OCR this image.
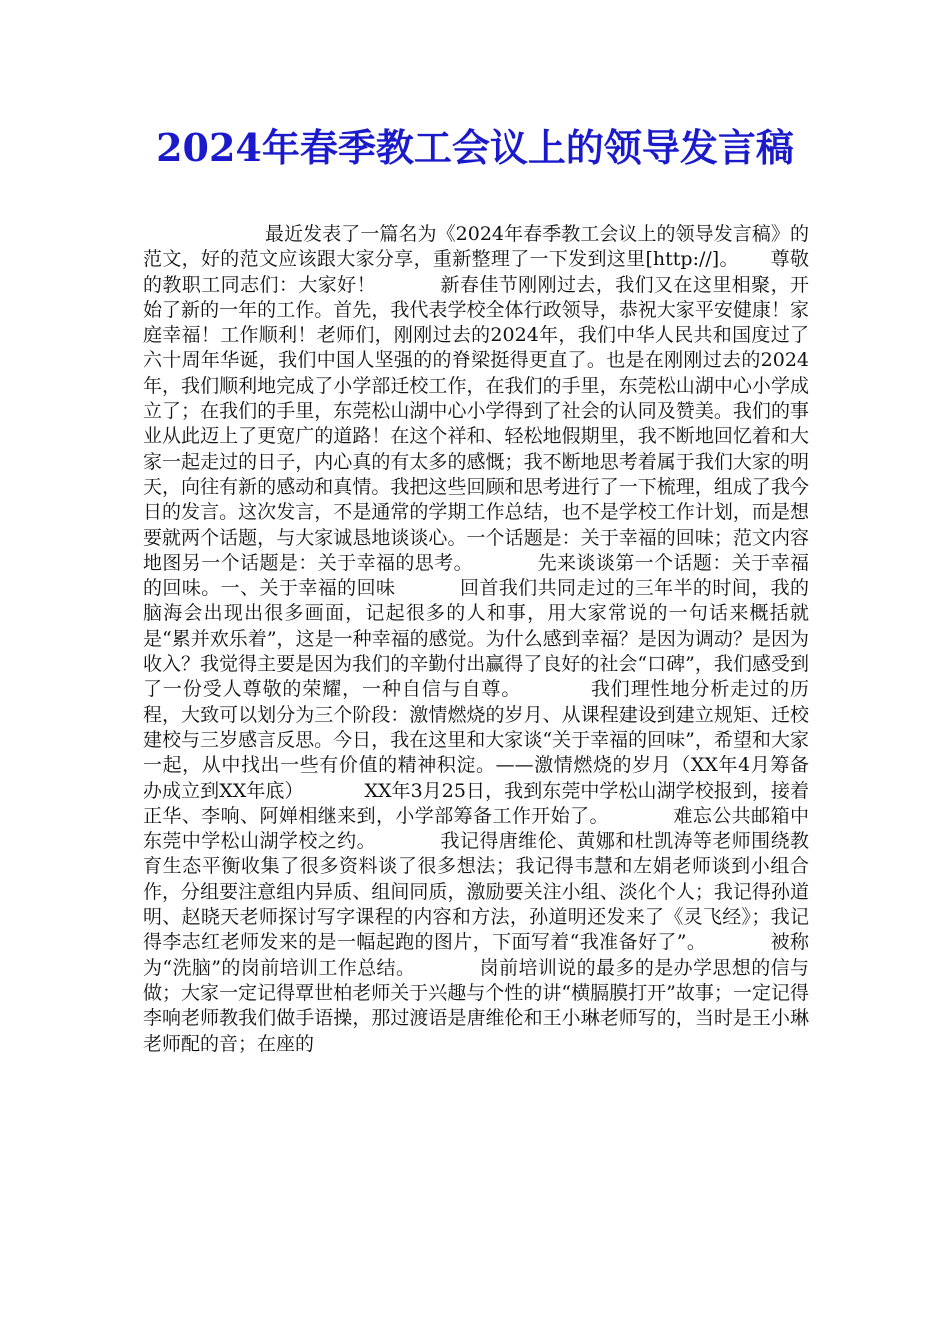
2024年春季教工会议上的领导发言稿

最近发表了一篇名为《2024年春季教工会议上的领导发言稿》的范文，好的范文应该跟大家分享，重新整理了一下发到这里[http://]。     尊敬的教职工同志们：大家好！          新春佳节刚刚过去，我们又在这里相聚，开始了新的一年的工作。首先，我代表学校全体行政领导，恭祝大家平安健康！家庭幸福！工作顺利！老师们，刚刚过去的2024年，我们中华人民共和国度过了六十周年华诞，我们中国人坚强的的脊梁挺得更直了。也是在刚刚过去的2024年，我们顺利地完成了小学部迁校工作，在我们的手里，东莞松山湖中心小学成立了；在我们的手里，东莞松山湖中心小学得到了社会的认同及赞美。我们的事业从此迈上了更宽广的道路！在这个祥和、轻松地假期里，我不断地回忆着和大家一起走过的日子，内心真的有太多的感慨；我不断地思考着属于我们大家的明天，向往有新的感动和真情。我把这些回顾和思考进行了一下梳理，组成了我今日的发言。这次发言，不是通常的学期工作总结，也不是学校工作计划，而是想要就两个话题，与大家诚恳地谈谈心。一个话题是：关于幸福的回味；范文内容地图另一个话题是：关于幸福的思考。          先来谈谈第一个话题：关于幸福的回味。一、关于幸福的回味          回首我们共同走过的三年半的时间，我的脑海会出现出很多画面，记起很多的人和事，用大家常说的一句话来概括就是“累并欢乐着”，这是一种幸福的感觉。为什么感到幸福？是因为调动？是因为收入？我觉得主要是因为我们的辛勤付出赢得了良好的社会“口碑”，我们感受到了一份受人尊敬的荣耀，一种自信与自尊。          我们理性地分析走过的历程，大致可以划分为三个阶段：激情燃烧的岁月、从课程建设到建立规矩、迁校建校与三岁感言反思。今日，我在这里和大家谈“关于幸福的回味”，希望和大家一起，从中找出一些有价值的精神积淀。——激情燃烧的岁月（XX年4月筹备办成立到XX年底）          XX年3月25日，我到东莞中学松山湖学校报到，接着正华、李响、阿婵相继来到，小学部筹备工作开始了。          难忘公共邮箱中东莞中学松山湖学校之约。          我记得唐维伦、黄娜和杜凯涛等老师围绕教育生态平衡收集了很多资料谈了很多想法；我记得韦慧和左娟老师谈到小组合作，分组要注意组内异质、组间同质，激励要关注小组、淡化个人；我记得孙道明、赵晓天老师探讨写字课程的内容和方法，孙道明还发来了《灵飞经》；我记得李志红老师发来的是一幅起跑的图片，下面写着“我准备好了”。          被称为“洗脑”的岗前培训工作总结。          岗前培训说的最多的是办学思想的信与做；大家一定记得覃世柏老师关于兴趣与个性的讲“横膈膜打开”故事；一定记得李响老师教我们做手语操，那过渡语是唐维伦和王小琳老师写的，当时是王小琳老师配的音；在座的
